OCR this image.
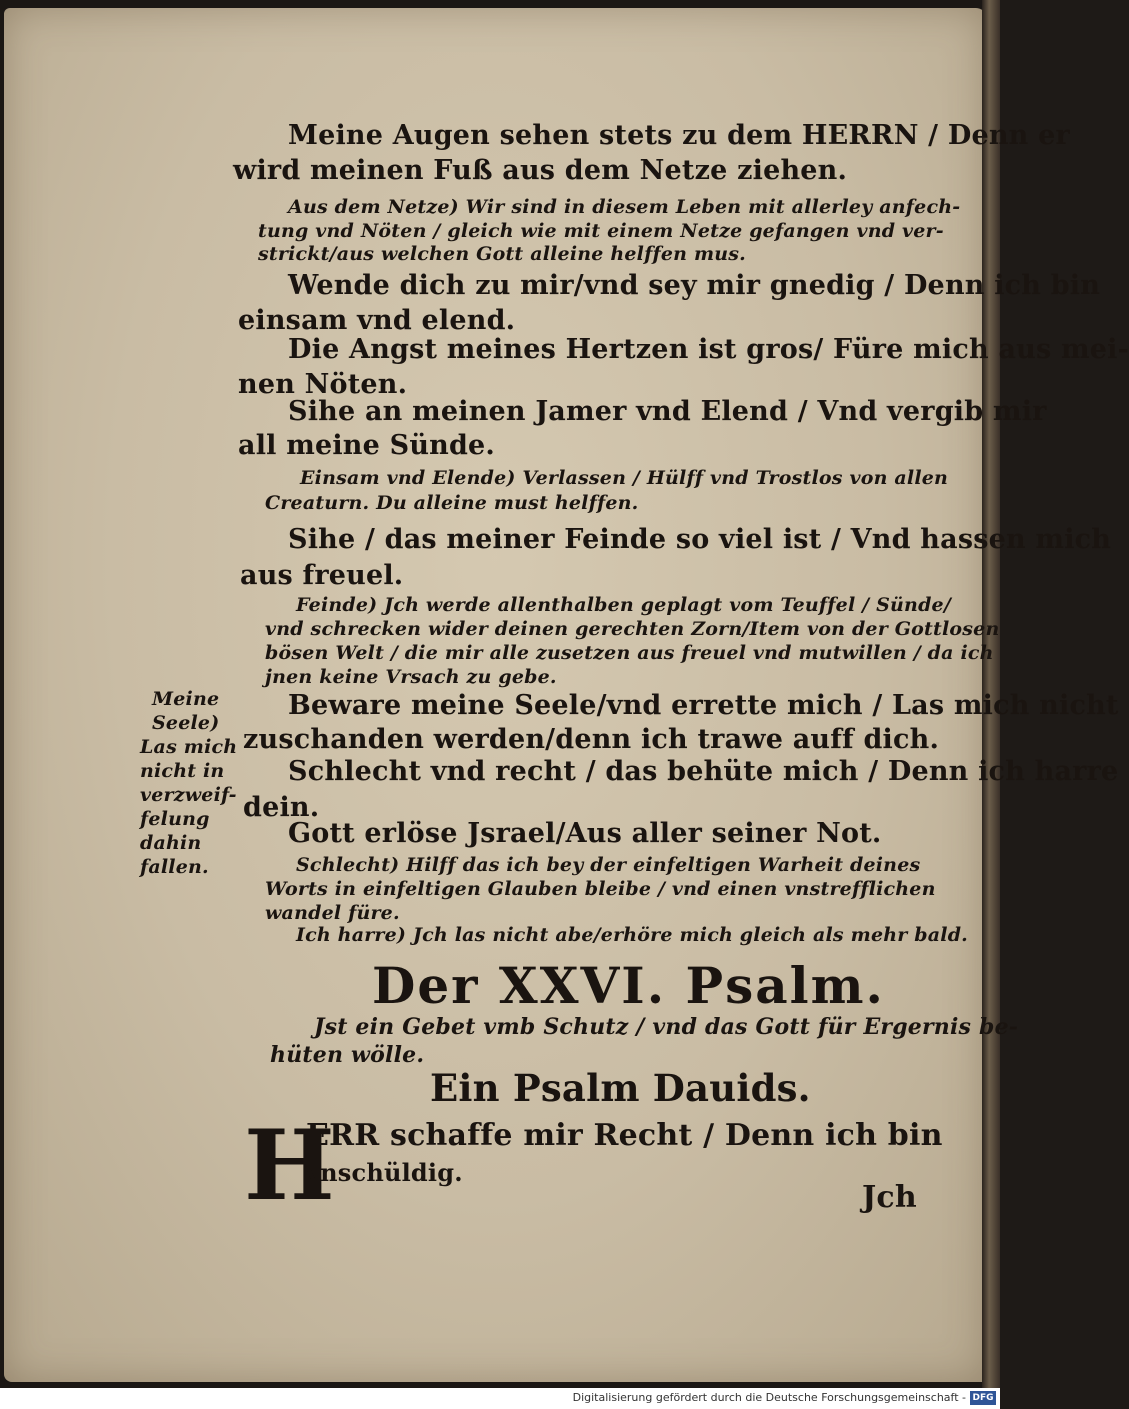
Meine Augen sehen stets zu dem HERRN / Denn er
wird meinen Fuß aus dem Netze ziehen.
Aus dem Netze) Wir sind in diesem Leben mit allerley anfech-
tung vnd Nöten / gleich wie mit einem Netze gefangen vnd ver-
strickt/aus welchen Gott alleine helffen mus.
Wende dich zu mir/vnd sey mir gnedig / Denn ich bin
einsam vnd elend.
Die Angst meines Hertzen ist gros/ Füre mich aus mei-
nen Nöten.
Sihe an meinen Jamer vnd Elend / Vnd vergib mir
all meine Sünde.
Einsam vnd Elende) Verlassen / Hülff vnd Trostlos von allen
Creaturn. Du alleine must helffen.
Sihe / das meiner Feinde so viel ist / Vnd hassen mich
aus freuel.
Feinde) Jch werde allenthalben geplagt vom Teuffel / Sünde/
vnd schrecken wider deinen gerechten Zorn/Item von der Gottlosen
bösen Welt / die mir alle zusetzen aus freuel vnd mutwillen / da ich
jnen keine Vrsach zu gebe.
Meine
Seele)
Las mich
nicht in
verzweif-
felung
dahin
fallen.
Beware meine Seele/vnd errette mich / Las mich nicht
zuschanden werden/denn ich trawe auff dich.
Schlecht vnd recht / das behüte mich / Denn ich harre
dein.
Gott erlöse Jsrael/Aus aller seiner Not.
Schlecht) Hilff das ich bey der einfeltigen Warheit deines
Worts in einfeltigen Glauben bleibe / vnd einen vnstrefflichen
wandel füre.
Ich harre) Jch las nicht abe/erhöre mich gleich als mehr bald.
Der XXVI. Psalm.
Jst ein Gebet vmb Schutz / vnd das Gott für Ergernis be-
hüten wölle.
Ein Psalm Dauids.
H
ERR schaffe mir Recht / Denn ich bin
vnschüldig.
Jch
Digitalisierung gefördert durch die Deutsche Forschungsgemeinschaft - DFG
